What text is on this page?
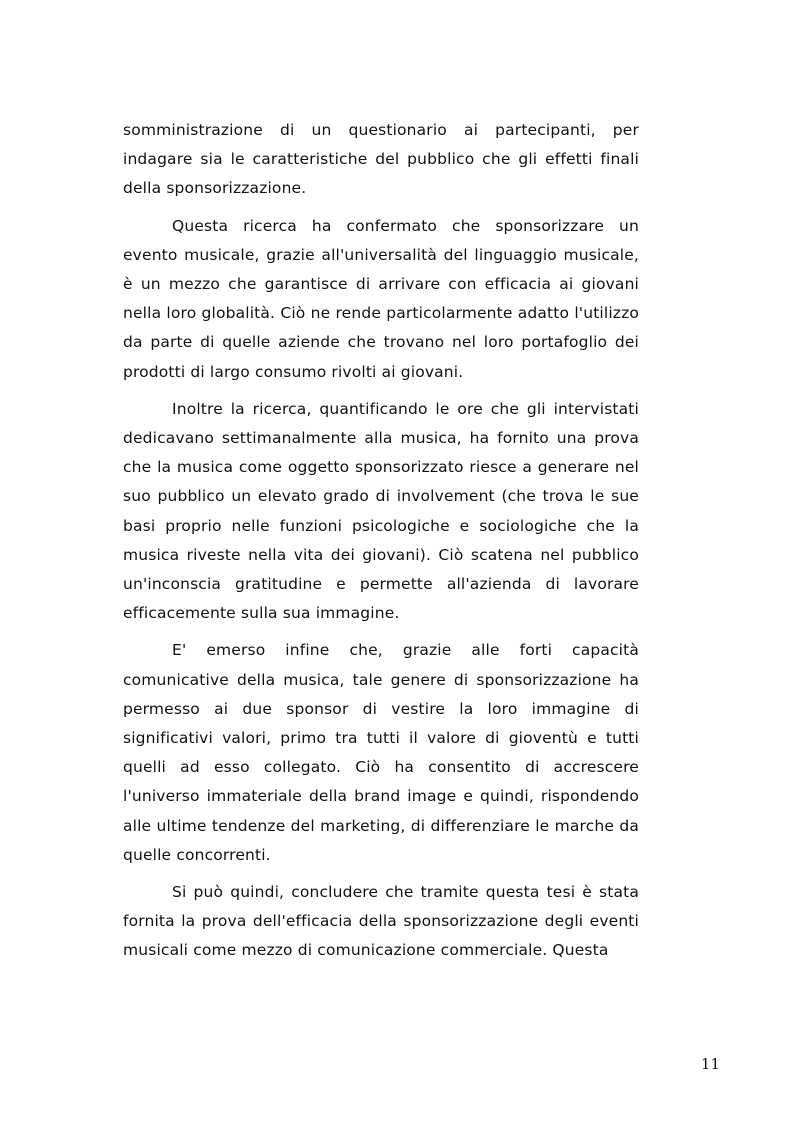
somministrazione di un questionario ai partecipanti, per indagare sia le caratteristiche del pubblico che gli effetti finali della sponsorizzazione.

Questa ricerca ha confermato che sponsorizzare un evento musicale, grazie all'universalità del linguaggio musicale, è un mezzo che garantisce di arrivare con efficacia ai giovani nella loro globalità. Ciò ne rende particolarmente adatto l'utilizzo da parte di quelle aziende che trovano nel loro portafoglio dei prodotti di largo consumo rivolti ai giovani.

Inoltre la ricerca, quantificando le ore che gli intervistati dedicavano settimanalmente alla musica, ha fornito una prova che la musica come oggetto sponsorizzato riesce a generare nel suo pubblico un elevato grado di involvement (che trova le sue basi proprio nelle funzioni psicologiche e sociologiche che la musica riveste nella vita dei giovani). Ciò scatena nel pubblico un'inconscia gratitudine e permette all'azienda di lavorare efficacemente sulla sua immagine.

E' emerso infine che, grazie alle forti capacità comunicative della musica, tale genere di sponsorizzazione ha permesso ai due sponsor di vestire la loro immagine di significativi valori, primo tra tutti il valore di gioventù e tutti quelli ad esso collegato. Ciò ha consentito di accrescere l'universo immateriale della brand image e quindi, rispondendo alle ultime tendenze del marketing, di differenziare le marche da quelle concorrenti.

Si può quindi, concludere che tramite questa tesi è stata fornita la prova dell'efficacia della sponsorizzazione degli eventi musicali come mezzo di comunicazione commerciale. Questa

11
